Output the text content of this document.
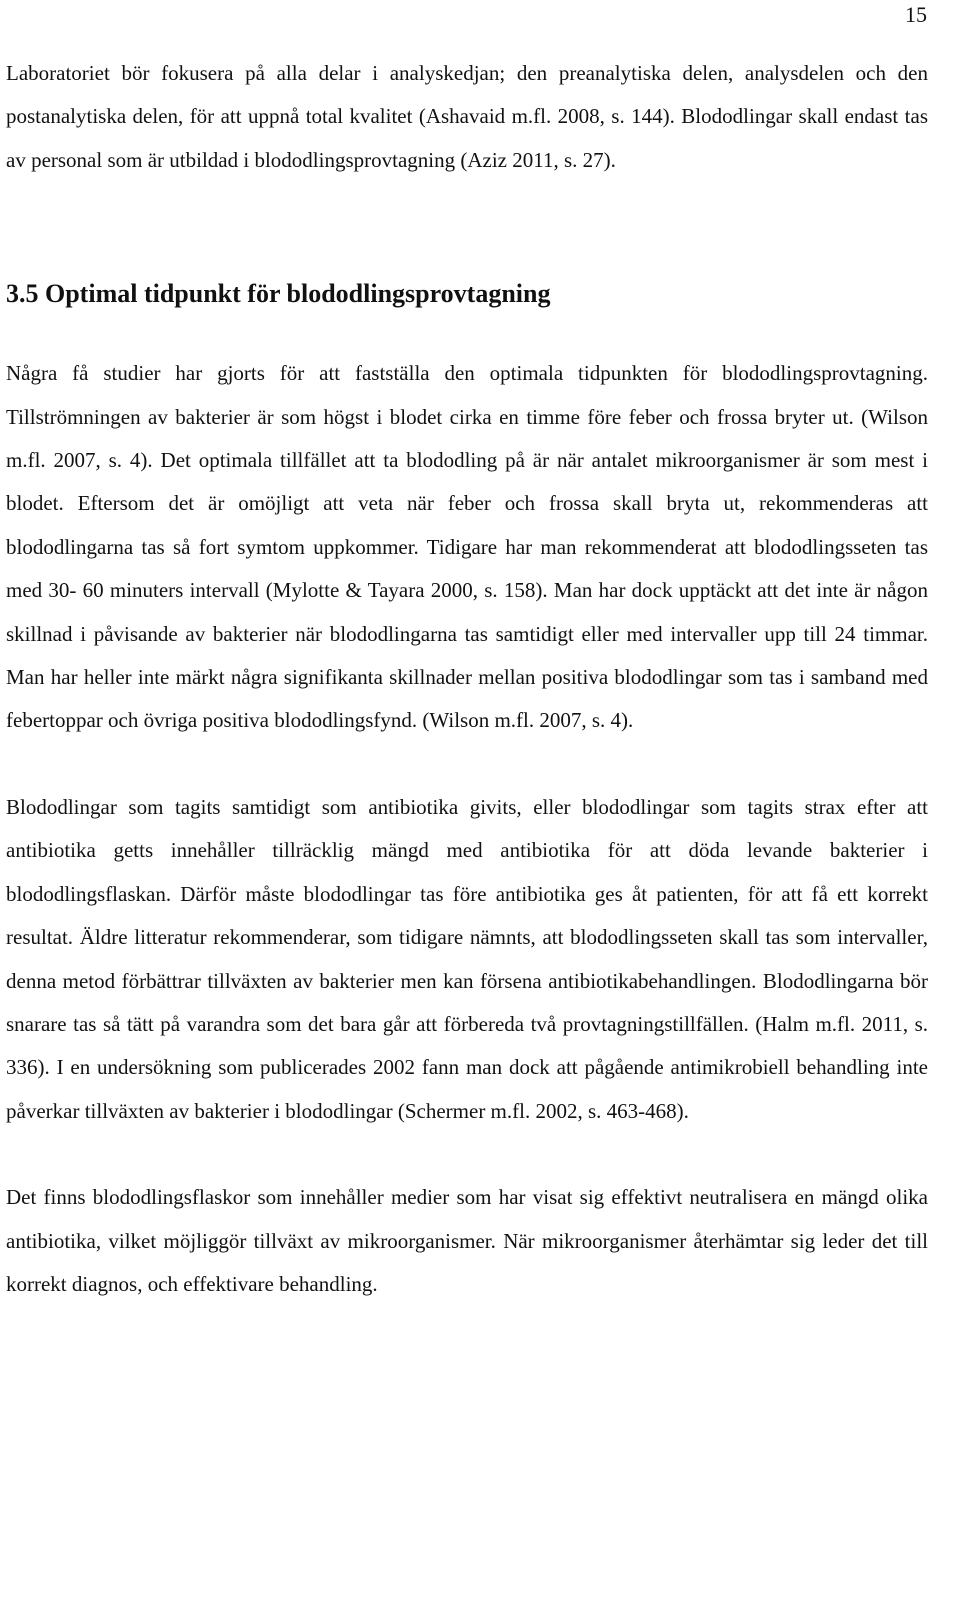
15

Laboratoriet bör fokusera på alla delar i analyskedjan; den preanalytiska delen, analysdelen och den postanalytiska delen, för att uppnå total kvalitet (Ashavaid m.fl. 2008, s. 144). Blododlingar skall endast tas av personal som är utbildad i blododlingsprovtagning (Aziz 2011, s. 27).

3.5 Optimal tidpunkt för blododlingsprovtagning

Några få studier har gjorts för att fastställa den optimala tidpunkten för blododlingsprovtagning. Tillströmningen av bakterier är som högst i blodet cirka en timme före feber och frossa bryter ut. (Wilson m.fl. 2007, s. 4). Det optimala tillfället att ta blododling på är när antalet mikroorganismer är som mest i blodet. Eftersom det är omöjligt att veta när feber och frossa skall bryta ut, rekommenderas att blododlingarna tas så fort symtom uppkommer. Tidigare har man rekommenderat att blododlingsseten tas med 30- 60 minuters intervall (Mylotte & Tayara 2000, s. 158). Man har dock upptäckt att det inte är någon skillnad i påvisande av bakterier när blododlingarna tas samtidigt eller med intervaller upp till 24 timmar. Man har heller inte märkt några signifikanta skillnader mellan positiva blododlingar som tas i samband med febertoppar och övriga positiva blododlingsfynd. (Wilson m.fl. 2007, s. 4).

Blododlingar som tagits samtidigt som antibiotika givits, eller blododlingar som tagits strax efter att antibiotika getts innehåller tillräcklig mängd med antibiotika för att döda levande bakterier i blododlingsflaskan. Därför måste blododlingar tas före antibiotika ges åt patienten, för att få ett korrekt resultat. Äldre litteratur rekommenderar, som tidigare nämnts, att blododlingsseten skall tas som intervaller, denna metod förbättrar tillväxten av bakterier men kan försena antibiotikabehandlingen. Blododlingarna bör snarare tas så tätt på varandra som det bara går att förbereda två provtagningstillfällen. (Halm m.fl. 2011, s. 336). I en undersökning som publicerades 2002 fann man dock att pågående antimikrobiell behandling inte påverkar tillväxten av bakterier i blododlingar (Schermer m.fl. 2002, s. 463-468).

Det finns blododlingsflaskor som innehåller medier som har visat sig effektivt neutralisera en mängd olika antibiotika, vilket möjliggör tillväxt av mikroorganismer. När mikroorganismer återhämtar sig leder det till korrekt diagnos, och effektivare behandling.
